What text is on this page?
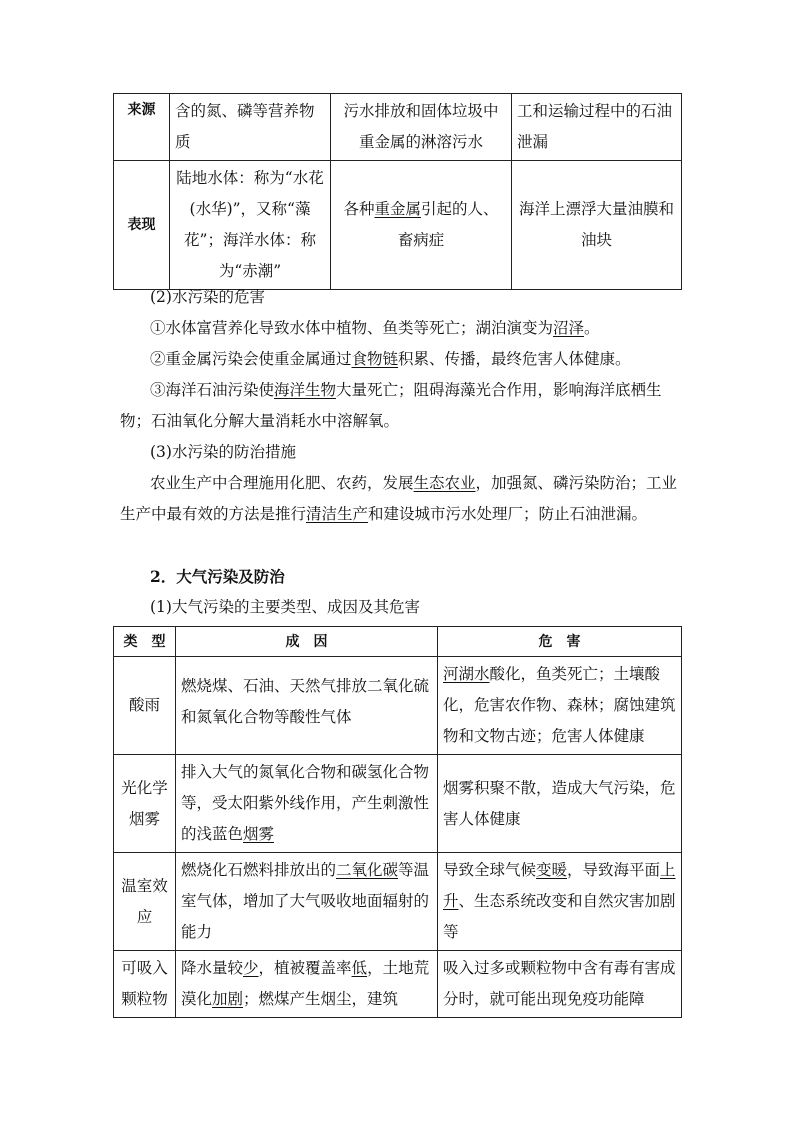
来源	含的氮、磷等营养物质	污水排放和固体垃圾中重金属的淋溶污水	工和运输过程中的石油泄漏
表现	陆地水体：称为“水花(水华)”，又称“藻花”；海洋水体：称为“赤潮”	各种重金属引起的人、畜病症	海洋上漂浮大量油膜和油块

(2)水污染的危害

①水体富营养化导致水体中植物、鱼类等死亡；湖泊演变为沼泽。

②重金属污染会使重金属通过食物链积累、传播，最终危害人体健康。

③海洋石油污染使海洋生物大量死亡；阻碍海藻光合作用，影响海洋底栖生物；石油氧化分解大量消耗水中溶解氧。

(3)水污染的防治措施

农业生产中合理施用化肥、农药，发展生态农业，加强氮、磷污染防治；工业生产中最有效的方法是推行清洁生产和建设城市污水处理厂；防止石油泄漏。

2．大气污染及防治

(1)大气污染的主要类型、成因及其危害

类　型	成　因	危　害
酸雨	燃烧煤、石油、天然气排放二氧化硫和氮氧化合物等酸性气体	河湖水酸化，鱼类死亡；土壤酸化，危害农作物、森林；腐蚀建筑物和文物古迹；危害人体健康
光化学烟雾	排入大气的氮氧化合物和碳氢化合物等，受太阳紫外线作用，产生刺激性的浅蓝色烟雾	烟雾积聚不散，造成大气污染，危害人体健康
温室效应	燃烧化石燃料排放出的二氧化碳等温室气体，增加了大气吸收地面辐射的能力	导致全球气候变暖，导致海平面上升、生态系统改变和自然灾害加剧等
可吸入颗粒物	降水量较少，植被覆盖率低，土地荒漠化加剧；燃煤产生烟尘，建筑	吸入过多或颗粒物中含有毒有害成分时，就可能出现免疫功能障
